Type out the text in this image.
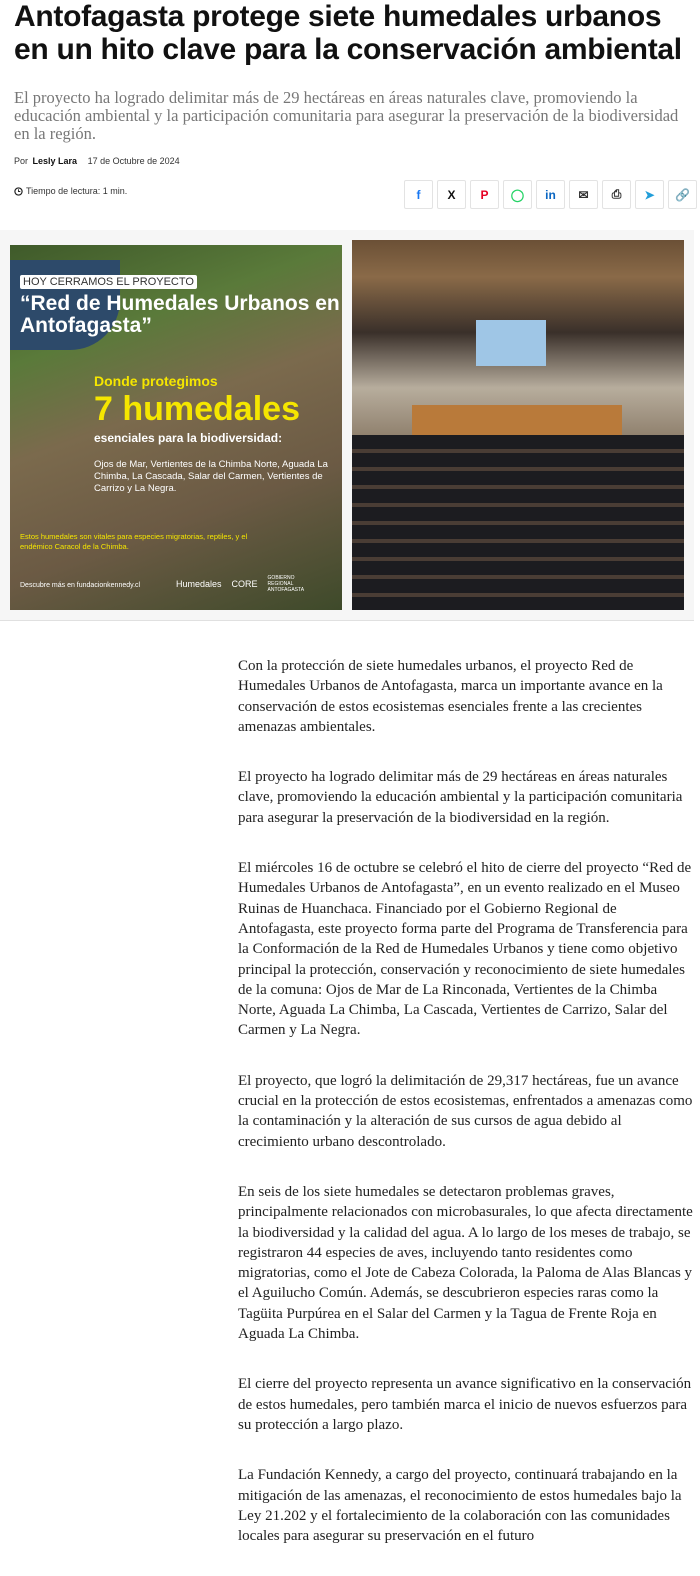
Antofagasta protege siete humedales urbanos en un hito clave para la conservación ambiental

El proyecto ha logrado delimitar más de 29 hectáreas en áreas naturales clave, promoviendo la educación ambiental y la participación comunitaria para asegurar la preservación de la biodiversidad en la región.

Por Lesly Lara 17 de Octubre de 2024
Tiempo de lectura: 1 min.	f X P ◯ in ✉ ⎙ ➤ 🔗
HOY CERRAMOS EL PROYECTO
“Red de Humedales Urbanos en Antofagasta”
Donde protegimos
7 humedales
esenciales para la biodiversidad:
Ojos de Mar, Vertientes de la Chimba Norte, Aguada La Chimba, La Cascada, Salar del Carmen, Vertientes de Carrizo y La Negra.
Estos humedales son vitales para especies migratorias, reptiles, y el endémico Caracol de la Chimba.
Descubre más en fundacionkennedy.cl	Humedales CORE
GOBIERNO REGIONAL ANTOFAGASTA

Con la protección de siete humedales urbanos, el proyecto Red de Humedales Urbanos de Antofagasta, marca un importante avance en la conservación de estos ecosistemas esenciales frente a las crecientes amenazas ambientales.

El proyecto ha logrado delimitar más de 29 hectáreas en áreas naturales clave, promoviendo la educación ambiental y la participación comunitaria para asegurar la preservación de la biodiversidad en la región.

El miércoles 16 de octubre se celebró el hito de cierre del proyecto “Red de Humedales Urbanos de Antofagasta”, en un evento realizado en el Museo Ruinas de Huanchaca. Financiado por el Gobierno Regional de Antofagasta, este proyecto forma parte del Programa de Transferencia para la Conformación de la Red de Humedales Urbanos y tiene como objetivo principal la protección, conservación y reconocimiento de siete humedales de la comuna: Ojos de Mar de La Rinconada, Vertientes de la Chimba Norte, Aguada La Chimba, La Cascada, Vertientes de Carrizo, Salar del Carmen y La Negra.

El proyecto, que logró la delimitación de 29,317 hectáreas, fue un avance crucial en la protección de estos ecosistemas, enfrentados a amenazas como la contaminación y la alteración de sus cursos de agua debido al crecimiento urbano descontrolado.

En seis de los siete humedales se detectaron problemas graves, principalmente relacionados con microbasurales, lo que afecta directamente la biodiversidad y la calidad del agua. A lo largo de los meses de trabajo, se registraron 44 especies de aves, incluyendo tanto residentes como migratorias, como el Jote de Cabeza Colorada, la Paloma de Alas Blancas y el Aguilucho Común. Además, se descubrieron especies raras como la Tagüita Purpúrea en el Salar del Carmen y la Tagua de Frente Roja en Aguada La Chimba.

El cierre del proyecto representa un avance significativo en la conservación de estos humedales, pero también marca el inicio de nuevos esfuerzos para su protección a largo plazo.

La Fundación Kennedy, a cargo del proyecto, continuará trabajando en la mitigación de las amenazas, el reconocimiento de estos humedales bajo la Ley 21.202 y el fortalecimiento de la colaboración con las comunidades locales para asegurar su preservación en el futuro
